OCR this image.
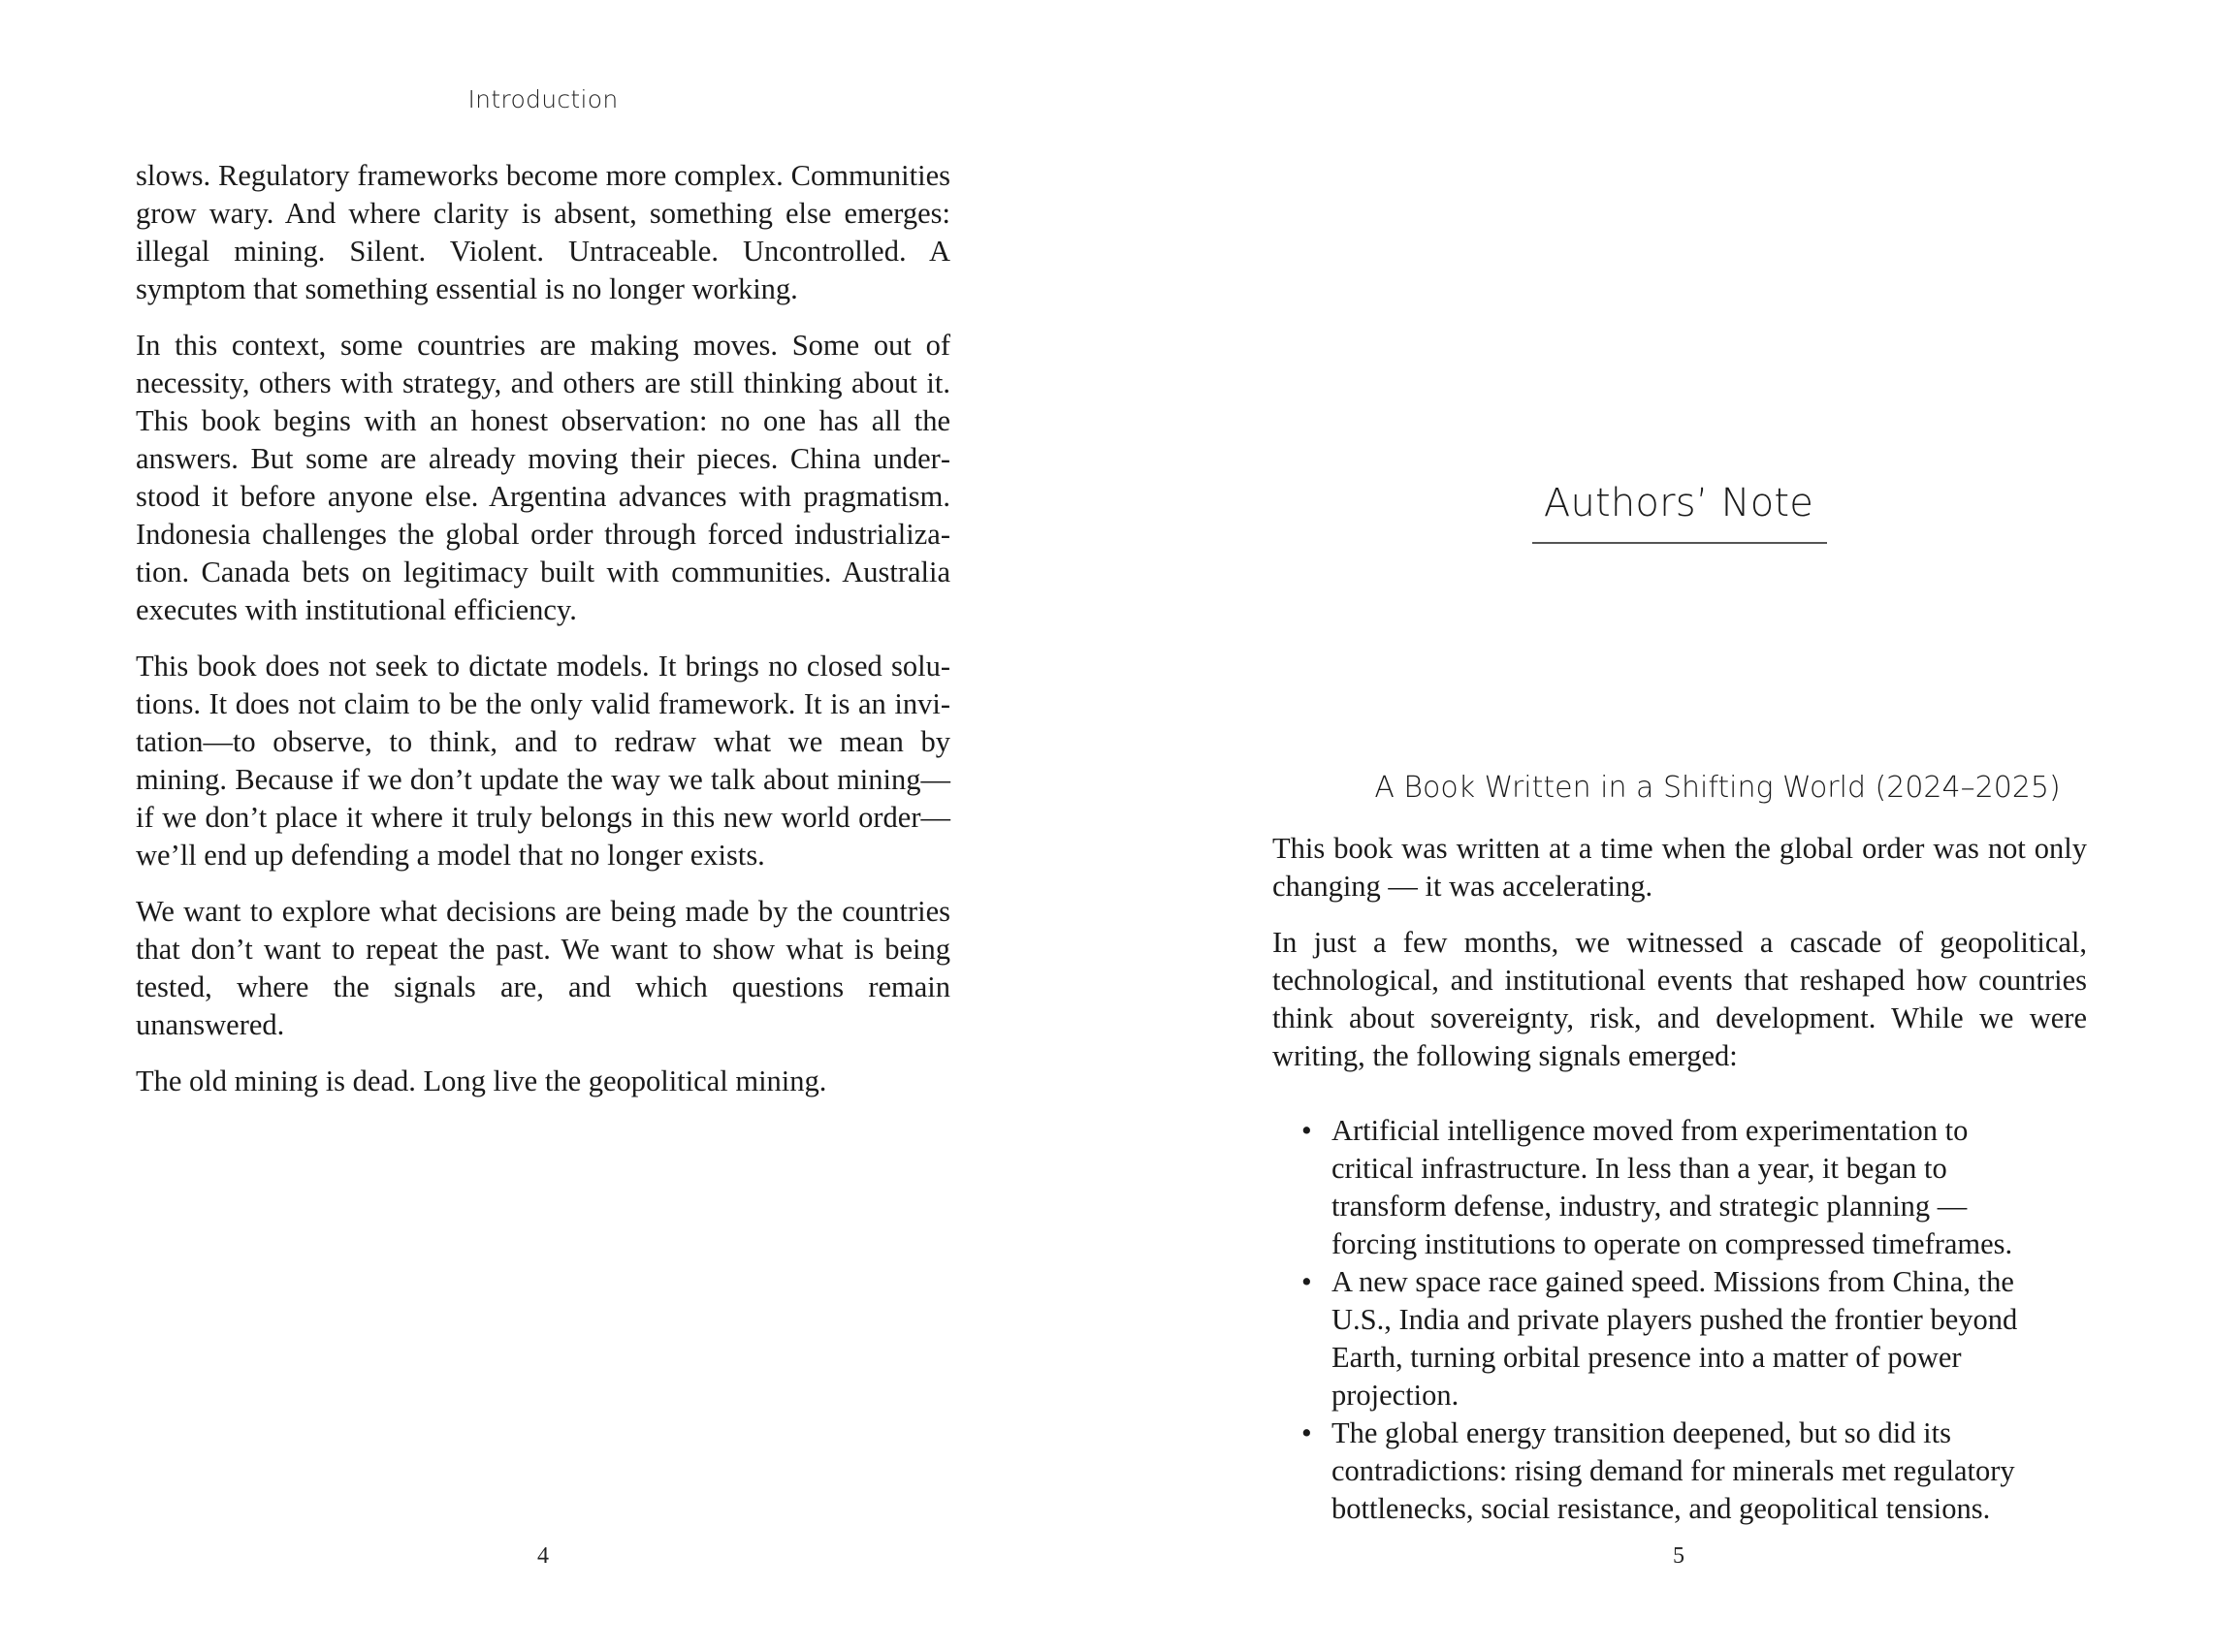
Introduction

slows. Regulatory frameworks become more complex. Communities grow wary. And where clarity is absent, something else emerges: illegal mining. Silent. Violent. Untraceable. Uncontrolled. A symptom that something essential is no longer working.

In this context, some countries are making moves. Some out of necessity, others with strategy, and others are still thinking about it. This book begins with an honest observation: no one has all the answers. But some are already moving their pieces. China understood it before anyone else. Argentina advances with pragmatism. Indonesia challenges the global order through forced industrialization. Canada bets on legitimacy built with communities. Australia executes with institutional efficiency.

This book does not seek to dictate models. It brings no closed solutions. It does not claim to be the only valid framework. It is an invitation—to observe, to think, and to redraw what we mean by mining. Because if we don’t update the way we talk about mining— if we don’t place it where it truly belongs in this new world order— we’ll end up defending a model that no longer exists.

We want to explore what decisions are being made by the countries that don’t want to repeat the past. We want to show what is being tested, where the signals are, and which questions remain unanswered.

The old mining is dead. Long live the geopolitical mining.

4
Authors’ Note
A Book Written in a Shifting World (2024–2025)

This book was written at a time when the global order was not only changing — it was accelerating.

In just a few months, we witnessed a cascade of geopolitical, technological, and institutional events that reshaped how countries think about sovereignty, risk, and development. While we were writing, the following signals emerged:

• Artificial intelligence moved from experimentation to critical infrastructure. In less than a year, it began to transform defense, industry, and strategic planning — forcing institutions to operate on compressed timeframes.
• A new space race gained speed. Missions from China, the U.S., India and private players pushed the frontier beyond Earth, turning orbital presence into a matter of power projection.
• The global energy transition deepened, but so did its contradictions: rising demand for minerals met regulatory bottlenecks, social resistance, and geopolitical tensions.
5
